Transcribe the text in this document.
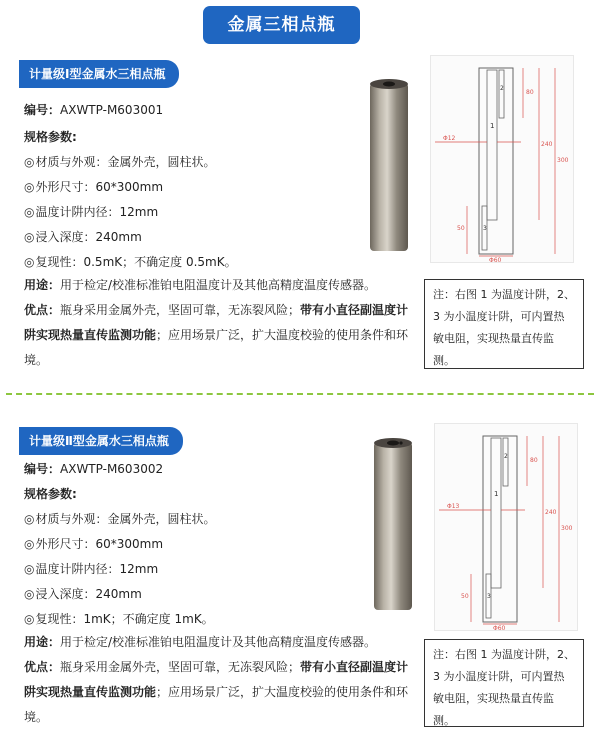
金属三相点瓶
计量级Ⅰ型金属水三相点瓶
编号：AXWTP-M603001
规格参数:
◎材质与外观：金属外壳，圆柱状。
◎外形尺寸：60*300mm
◎温度计阱内径：12mm
◎浸入深度：240mm
◎复现性：0.5mK；不确定度 0.5mK。
用途：用于检定/校准标准铂电阻温度计及其他高精度温度传感器。
优点：瓶身采用金属外壳，坚固可靠，无冻裂风险；带有小直径副温度计阱实现热量直传监测功能；应用场景广泛，扩大温度校验的使用条件和环境。
Φ12
80
240
300
50
Φ60
1
2
3
注：右图 1 为温度计阱，2、3 为小温度计阱，可内置热敏电阻，实现热量直传监测。
计量级Ⅱ型金属水三相点瓶
编号：AXWTP-M603002
规格参数:
◎材质与外观：金属外壳，圆柱状。
◎外形尺寸：60*300mm
◎温度计阱内径：12mm
◎浸入深度：240mm
◎复现性：1mK；不确定度 1mK。
用途：用于检定/校准标准铂电阻温度计及其他高精度温度传感器。
优点：瓶身采用金属外壳，坚固可靠，无冻裂风险；带有小直径副温度计阱实现热量直传监测功能；应用场景广泛，扩大温度校验的使用条件和环境。
Φ13
80
240
300
50
Φ60
1
2
3
注：右图 1 为温度计阱，2、3 为小温度计阱，可内置热敏电阻，实现热量直传监测。
